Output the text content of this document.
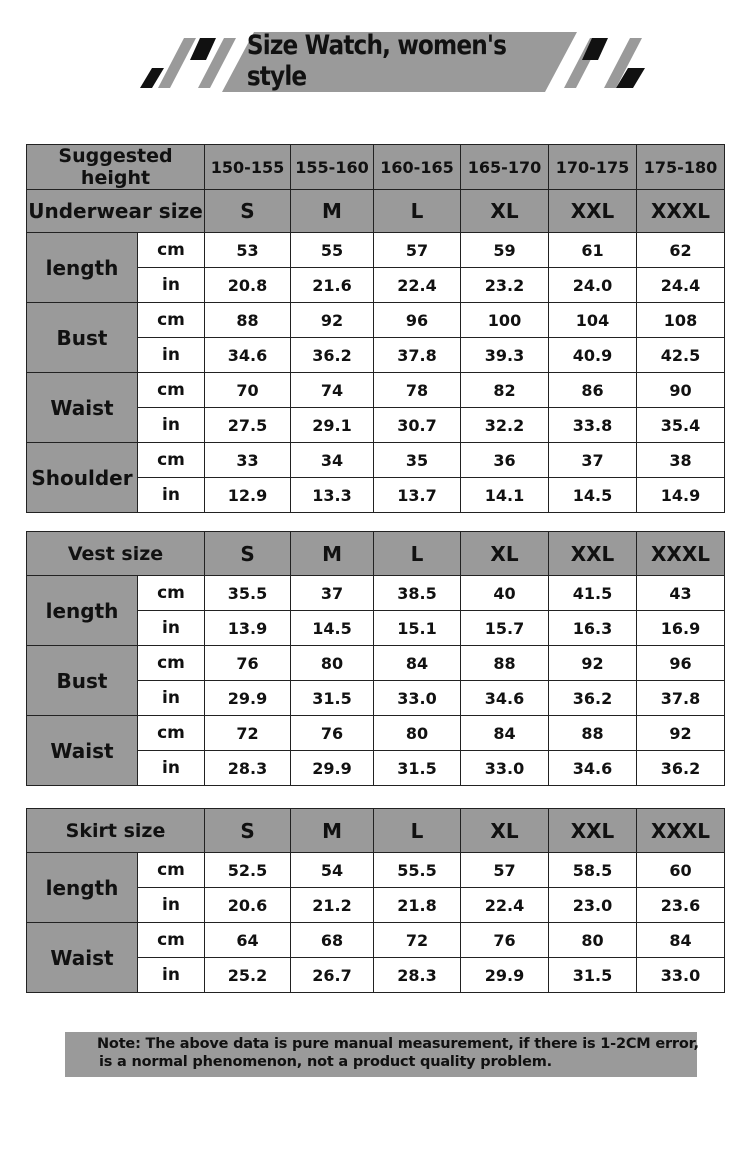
Size Watch, women's style
Suggested height		150-155	155-160	160-165	165-170	170-175	175-180
Underwear size		S	M	L	XL	XXL	XXXL
length	cm	53	55	57	59	61	62
	in	20.8	21.6	22.4	23.2	24.0	24.4
Bust	cm	88	92	96	100	104	108
	in	34.6	36.2	37.8	39.3	40.9	42.5
Waist	cm	70	74	78	82	86	90
	in	27.5	29.1	30.7	32.2	33.8	35.4
Shoulder	cm	33	34	35	36	37	38
	in	12.9	13.3	13.7	14.1	14.5	14.9
Vest size		S	M	L	XL	XXL	XXXL
length	cm	35.5	37	38.5	40	41.5	43
	in	13.9	14.5	15.1	15.7	16.3	16.9
Bust	cm	76	80	84	88	92	96
	in	29.9	31.5	33.0	34.6	36.2	37.8
Waist	cm	72	76	80	84	88	92
	in	28.3	29.9	31.5	33.0	34.6	36.2
Skirt size		S	M	L	XL	XXL	XXXL
length	cm	52.5	54	55.5	57	58.5	60
	in	20.6	21.2	21.8	22.4	23.0	23.6
Waist	cm	64	68	72	76	80	84
	in	25.2	26.7	28.3	29.9	31.5	33.0

Note: The above data is pure manual measurement, if there is 1-2CM error,

is a normal phenomenon, not a product quality problem.
